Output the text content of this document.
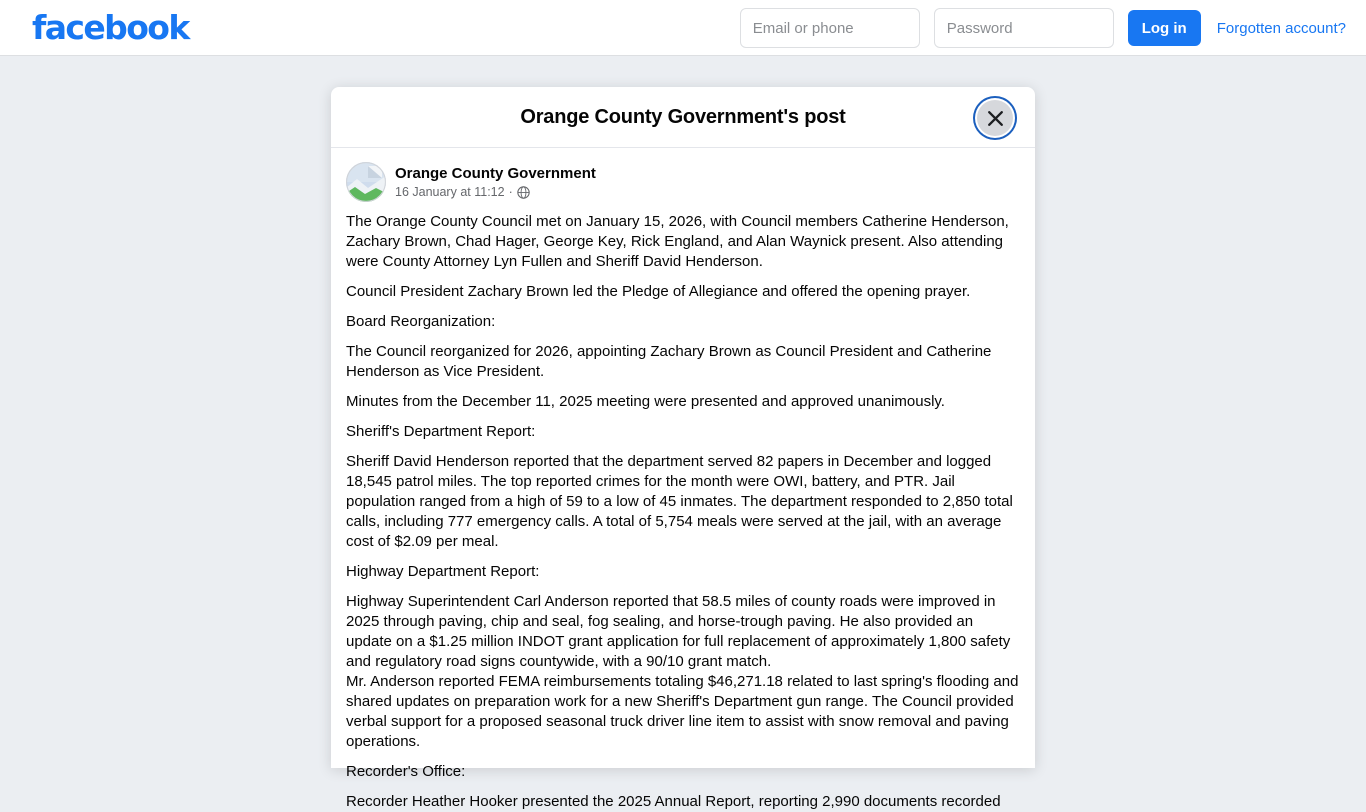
facebook
Email or phone	Log in	Forgotten account?
Orange County Government's post
Orange County Government
16 January at 11:12 ·

The Orange County Council met on January 15, 2026, with Council members Catherine Henderson, Zachary Brown, Chad Hager, George Key, Rick England, and Alan Waynick present. Also attending were County Attorney Lyn Fullen and Sheriff David Henderson.

Council President Zachary Brown led the Pledge of Allegiance and offered the opening prayer.

Board Reorganization:

The Council reorganized for 2026, appointing Zachary Brown as Council President and Catherine Henderson as Vice President.

Minutes from the December 11, 2025 meeting were presented and approved unanimously.

Sheriff's Department Report:

Sheriff David Henderson reported that the department served 82 papers in December and logged 18,545 patrol miles. The top reported crimes for the month were OWI, battery, and PTR. Jail population ranged from a high of 59 to a low of 45 inmates. The department responded to 2,850 total calls, including 777 emergency calls. A total of 5,754 meals were served at the jail, with an average cost of $2.09 per meal.

Highway Department Report:

Highway Superintendent Carl Anderson reported that 58.5 miles of county roads were improved in 2025 through paving, chip and seal, fog sealing, and horse-trough paving. He also provided an update on a $1.25 million INDOT grant application for full replacement of approximately 1,800 safety and regulatory road signs countywide, with a 90/10 grant match.

Mr. Anderson reported FEMA reimbursements totaling $46,271.18 related to last spring's flooding and shared updates on preparation work for a new Sheriff's Department gun range. The Council provided verbal support for a proposed seasonal truck driver line item to assist with snow removal and paving operations.

Recorder's Office:

Recorder Heather Hooker presented the 2025 Annual Report, reporting 2,990 documents recorded
